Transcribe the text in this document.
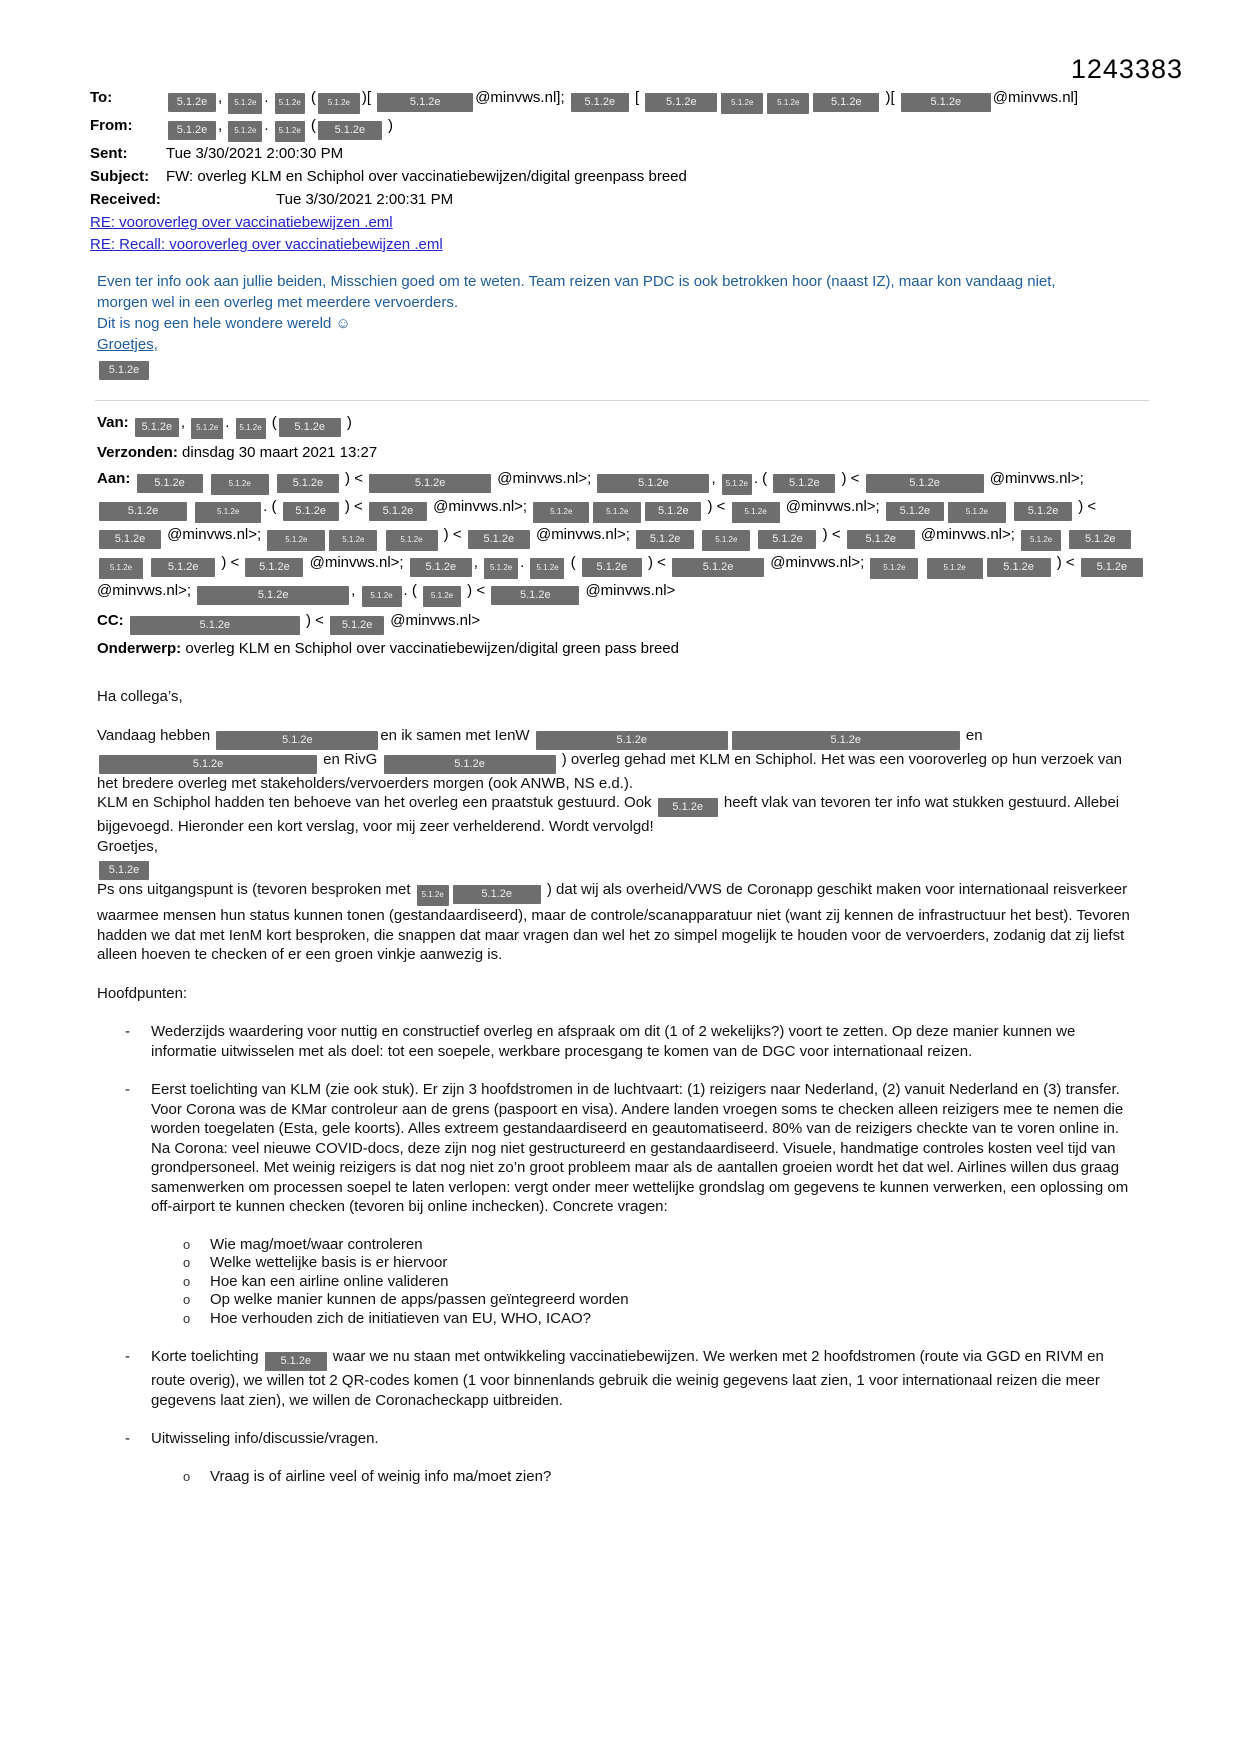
1243383
To:	5.1.2e , 5.1.2e . 5.1.2e ( 5.1.2e )[	5.1.2e @minvws.nl]; 5.1.2e [ 5.1.2e	5.1.2e	5.1.2e	5.1.2e )[	5.1.2e @minvws.nl]
From:	5.1.2e , 5.1.2e . 5.1.2e ( 5.1.2e )
Sent:	Tue 3/30/2021 2:00:30 PM
Subject:	FW: overleg KLM en Schiphol over vaccinatiebewijzen/digital greenpass breed
Received:	Tue 3/30/2021 2:00:31 PM
RE: vooroverleg over vaccinatiebewijzen .eml
RE: Recall: vooroverleg over vaccinatiebewijzen .eml
Even ter info ook aan jullie beiden, Misschien goed om te weten. Team reizen van PDC is ook betrokken hoor (naast IZ), maar kon vandaag niet, morgen wel in een overleg met meerdere vervoerders.
Dit is nog een hele wondere wereld ☺
Groetjes,
5.1.2e
Van: 5.1.2e , 5.1.2e . 5.1.2e ( 5.1.2e )
Verzonden: dinsdag 30 maart 2021 13:27
Aan: 5.1.2e	5.1.2e	5.1.2e ) <	5.1.2e	@minvws.nl>;	5.1.2e	, 5.1.2e . ( 5.1.2e ) <	5.1.2e	@minvws.nl>; 5.1.2e	5.1.2e . ( 5.1.2e ) < 5.1.2e @minvws.nl>; 5.1.2e	5.1.2e	5.1.2e ) < 5.1.2e @minvws.nl>; 5.1.2e	5.1.2e	5.1.2e ) < 5.1.2e @minvws.nl>; 5.1.2e	5.1.2e	5.1.2e ) < 5.1.2e @minvws.nl>; 5.1.2e	5.1.2e	5.1.2e ) < 5.1.2e @minvws.nl>; 5.1.2e	5.1.2e 5.1.2e	5.1.2e ) < 5.1.2e @minvws.nl>; 5.1.2e , 5.1.2e . 5.1.2e ( 5.1.2e ) <	5.1.2e @minvws.nl>; 5.1.2e	5.1.2e	5.1.2e ) < 5.1.2e @minvws.nl>;	5.1.2e	, 5.1.2e . ( 5.1.2e ) <	5.1.2e @minvws.nl>
CC:	5.1.2e	) < 5.1.2e @minvws.nl>
Onderwerp: overleg KLM en Schiphol over vaccinatiebewijzen/digital green pass breed
Ha collega’s,
Vandaag hebben	5.1.2e	en ik samen met IenW	5.1.2e	5.1.2e	en 5.1.2e	en RivG	5.1.2e	) overleg gehad met KLM en Schiphol. Het was een vooroverleg op hun verzoek van het bredere overleg met stakeholders/vervoerders morgen (ook ANWB, NS e.d.).
KLM en Schiphol hadden ten behoeve van het overleg een praatstuk gestuurd. Ook 5.1.2e heeft vlak van tevoren ter info wat stukken gestuurd. Allebei bijgevoegd. Hieronder een kort verslag, voor mij zeer verhelderend. Wordt vervolgd!
Groetjes,
5.1.2e
Ps ons uitgangspunt is (tevoren besproken met 5.1.2e	5.1.2e ) dat wij als overheid/VWS de Coronapp geschikt maken voor internationaal reisverkeer waarmee mensen hun status kunnen tonen (gestandaardiseerd), maar de controle/scanapparatuur niet (want zij kennen de infrastructuur het best). Tevoren hadden we dat met IenM kort besproken, die snappen dat maar vragen dan wel het zo simpel mogelijk te houden voor de vervoerders, zodanig dat zij liefst alleen hoeven te checken of er een groen vinkje aanwezig is.
Hoofdpunten:
-	Wederzijds waardering voor nuttig en constructief overleg en afspraak om dit (1 of 2 wekelijks?) voort te zetten. Op deze manier kunnen we informatie uitwisselen met als doel: tot een soepele, werkbare procesgang te komen van de DGC voor internationaal reizen.
-	Eerst toelichting van KLM (zie ook stuk). Er zijn 3 hoofdstromen in de luchtvaart: (1) reizigers naar Nederland, (2) vanuit Nederland en (3) transfer. Voor Corona was de KMar controleur aan de grens (paspoort en visa). Andere landen vroegen soms te checken alleen reizigers mee te nemen die worden toegelaten (Esta, gele koorts). Alles extreem gestandaardiseerd en geautomatiseerd. 80% van de reizigers checkte van te voren online in. Na Corona: veel nieuwe COVID-docs, deze zijn nog niet gestructureerd en gestandaardiseerd. Visuele, handmatige controles kosten veel tijd van grondpersoneel. Met weinig reizigers is dat nog niet zo’n groot probleem maar als de aantallen groeien wordt het dat wel. Airlines willen dus graag samenwerken om processen soepel te laten verlopen: vergt onder meer wettelijke grondslag om gegevens te kunnen verwerken, een oplossing om off-airport te kunnen checken (tevoren bij online inchecken). Concrete vragen:
o	Wie mag/moet/waar controleren
o	Welke wettelijke basis is er hiervoor
o	Hoe kan een airline online valideren
o	Op welke manier kunnen de apps/passen geïntegreerd worden
o	Hoe verhouden zich de initiatieven van EU, WHO, ICAO?
-	Korte toelichting 5.1.2e waar we nu staan met ontwikkeling vaccinatiebewijzen. We werken met 2 hoofdstromen (route via GGD en RIVM en route overig), we willen tot 2 QR-codes komen (1 voor binnenlands gebruik die weinig gegevens laat zien, 1 voor internationaal reizen die meer gegevens laat zien), we willen de Coronacheckapp uitbreiden.
-	Uitwisseling info/discussie/vragen.
o	Vraag is of airline veel of weinig info ma/moet zien?
